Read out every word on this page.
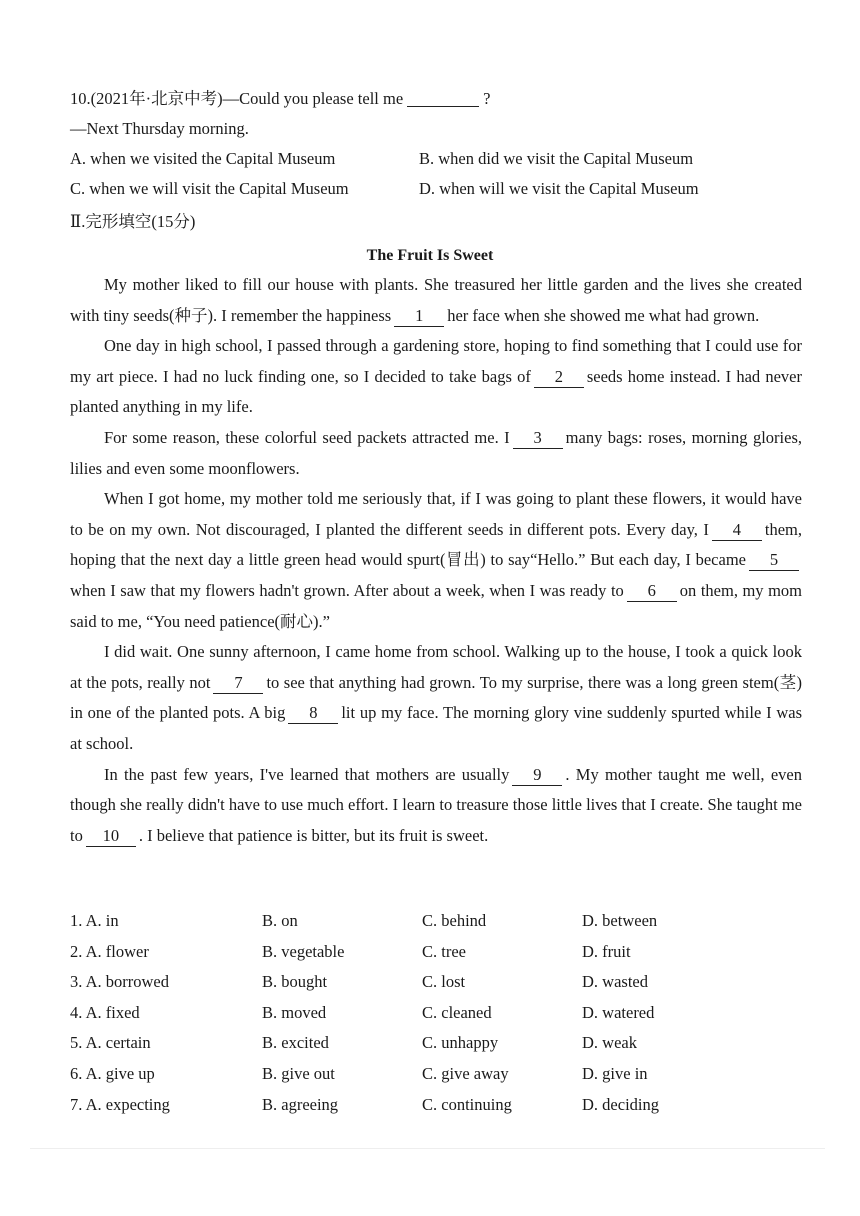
10.(2021年·北京中考)—Could you please tell me	?
—Next Thursday morning.
A. when we visited the Capital Museum	B. when did we visit the Capital Museum
C. when we will visit the Capital Museum	D. when will we visit the Capital Museum
Ⅱ.完形填空(15分)
The Fruit Is Sweet

My mother liked to fill our house with plants. She treasured her little garden and the lives she created with tiny seeds(种子). I remember the happiness 1 her face when she showed me what had grown.

One day in high school, I passed through a gardening store, hoping to find something that I could use for my art piece. I had no luck finding one, so I decided to take bags of 2 seeds home instead. I had never planted anything in my life.

For some reason, these colorful seed packets attracted me. I 3 many bags: roses, morning glories, lilies and even some moonflowers.

When I got home, my mother told me seriously that, if I was going to plant these flowers, it would have to be on my own. Not discouraged, I planted the different seeds in different pots. Every day, I 4 them, hoping that the next day a little green head would spurt(冒出) to say“Hello.” But each day, I became 5when I saw that my flowers hadn't grown. After about a week, when I was ready to 6 on them, my mom said to me, “You need patience(耐心).”

I did wait. One sunny afternoon, I came home from school. Walking up to the house, I took a quick look at the pots, really not 7 to see that anything had grown. To my surprise, there was a long green stem(茎) in one of the planted pots. A big 8 lit up my face. The morning glory vine suddenly spurted while I was at school.

In the past few years, I've learned that mothers are usually 9 . My mother taught me well, even though she really didn't have to use much effort. I learn to treasure those little lives that I create. She taught me to 10 . I believe that patience is bitter, but its fruit is sweet.

1. A. in	B. on	C. behind	D. between
2. A. flower	B. vegetable	C. tree	D. fruit
3. A. borrowed	B. bought	C. lost	D. wasted
4. A. fixed	B. moved	C. cleaned	D. watered
5. A. certain	B. excited	C. unhappy	D. weak
6. A. give up	B. give out	C. give away	D. give in
7. A. expecting	B. agreeing	C. continuing	D. deciding
